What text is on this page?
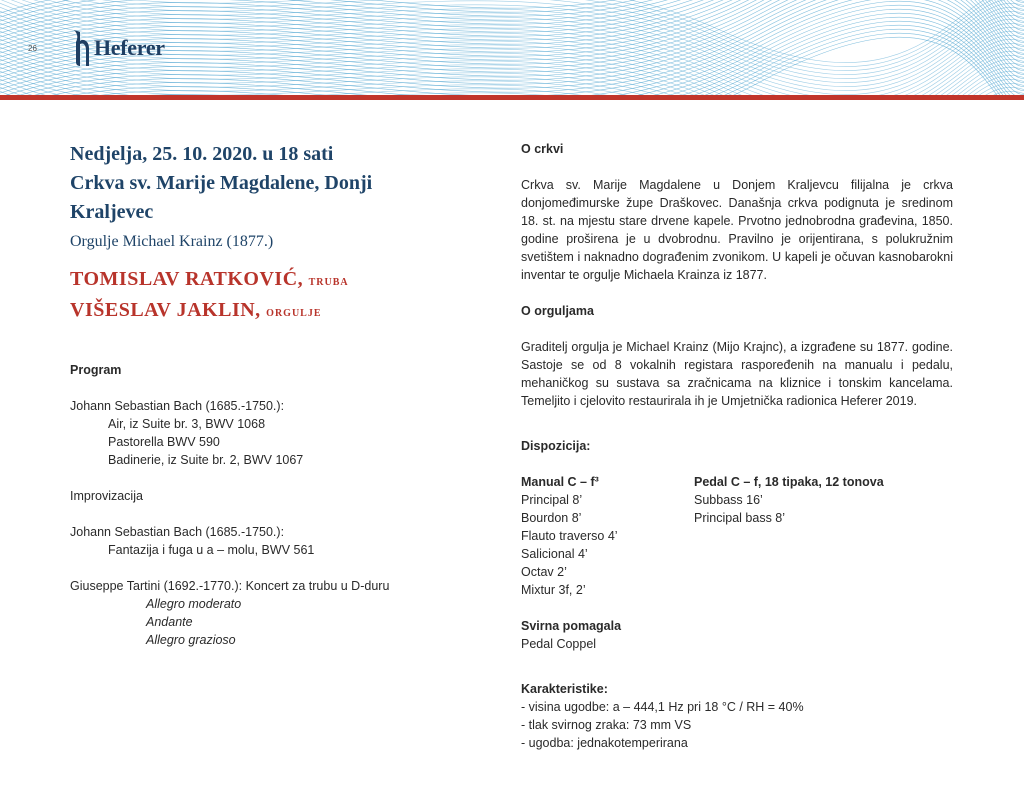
26	Heferer
Nedjelja, 25. 10. 2020. u 18 sati
Crkva sv. Marije Magdalene, Donji
Kraljevec
Orgulje Michael Krainz (1877.)
TOMISLAV RATKOVIĆ, truba
VIŠESLAV JAKLIN, orgulje
Program
Johann Sebastian Bach (1685.-1750.):
Air, iz Suite br. 3, BWV 1068
Pastorella BWV 590
Badinerie, iz Suite br. 2, BWV 1067
Improvizacija
Johann Sebastian Bach (1685.-1750.):
Fantazija i fuga u a – molu, BWV 561
Giuseppe Tartini (1692.-1770.): Koncert za trubu u D-duru
Allegro moderato
Andante
Allegro grazioso
O crkvi
Crkva sv. Marije Magdalene u Donjem Kraljevcu filijalna je crkva donjomeđimurske župe Draškovec. Današnja crkva podignuta je sredinom 18. st. na mjestu stare drvene kapele. Prvotno jednobrodna građevina, 1850. godine proširena je u dvobrodnu. Pravilno je orijentirana, s polukružnim svetištem i naknadno dograđenim zvonikom. U kapeli je očuvan kasnobarokni inventar te orgulje Michaela Krainza iz 1877.
O orguljama
Graditelj orgulja je Michael Krainz (Mijo Krajnc), a izgrađene su 1877. godine. Sastoje se od 8 vokalnih registara raspoređenih na manualu i pedalu, mehaničkog su sustava sa zračnicama na kliznice i tonskim kancelama. Temeljito i cjelovito restaurirala ih je Umjetnička radionica Heferer 2019.
Dispozicija:
Manual C – f³
Principal 8’
Bourdon 8’
Flauto traverso 4’
Salicional 4’
Octav 2’
Mixtur 3f, 2’
Pedal C – f, 18 tipaka, 12 tonova
Subbass 16’
Principal bass 8’
Svirna pomagala
Pedal Coppel
Karakteristike:
- visina ugodbe: a – 444,1 Hz pri 18 °C / RH = 40%
- tlak svirnog zraka: 73 mm VS
- ugodba: jednakotemperirana
